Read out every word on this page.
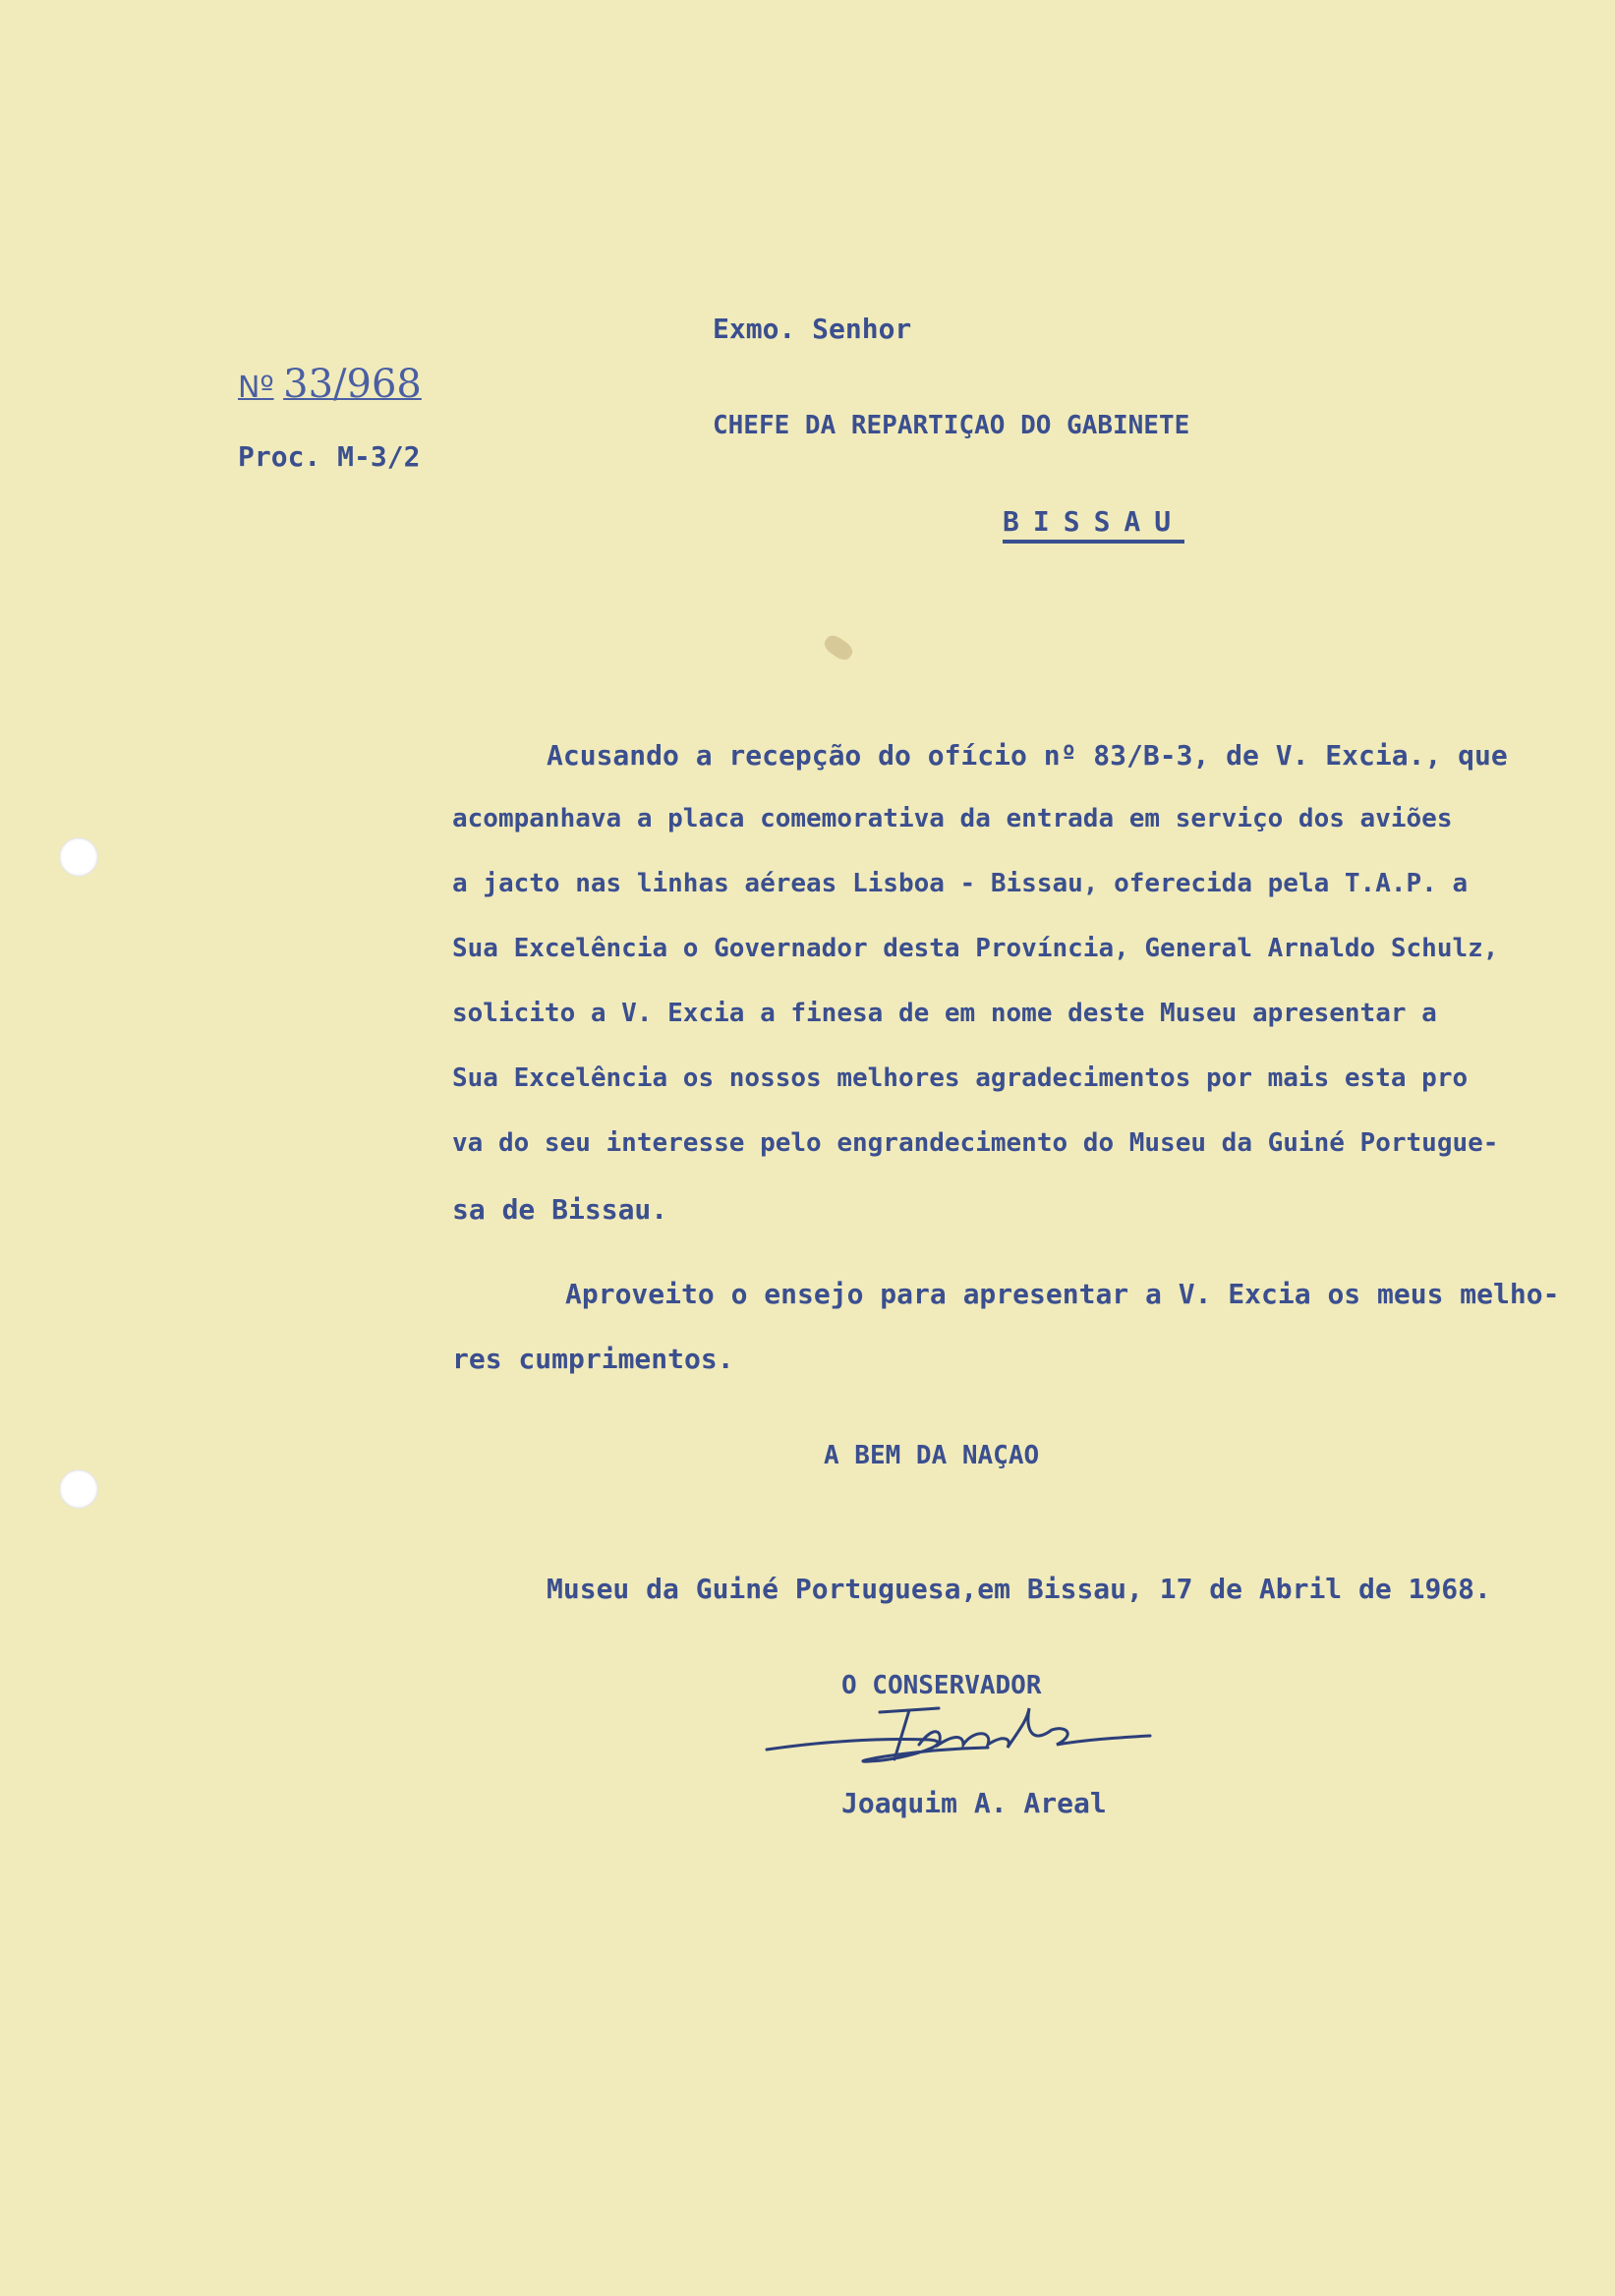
Nº 33/968
Proc. M-3/2
Exmo. Senhor
CHEFE DA REPARTIÇAO DO GABINETE
BISSAU
Acusando a recepção do ofício nº 83/B-3, de V. Excia., que
acompanhava a placa comemorativa da entrada em serviço dos aviões
a jacto nas linhas aéreas Lisboa - Bissau, oferecida pela T.A.P. a
Sua Excelência o Governador desta Província, General Arnaldo Schulz,
solicito a V. Excia a finesa de em nome deste Museu apresentar a
Sua Excelência os nossos melhores agradecimentos por mais esta pro
va do seu interesse pelo engrandecimento do Museu da Guiné Portugue-
sa de Bissau.
Aproveito o ensejo para apresentar a V. Excia os meus melho-
res cumprimentos.
A BEM DA NAÇAO
Museu da Guiné Portuguesa,em Bissau, 17 de Abril de 1968.
O CONSERVADOR
Joaquim A. Areal
